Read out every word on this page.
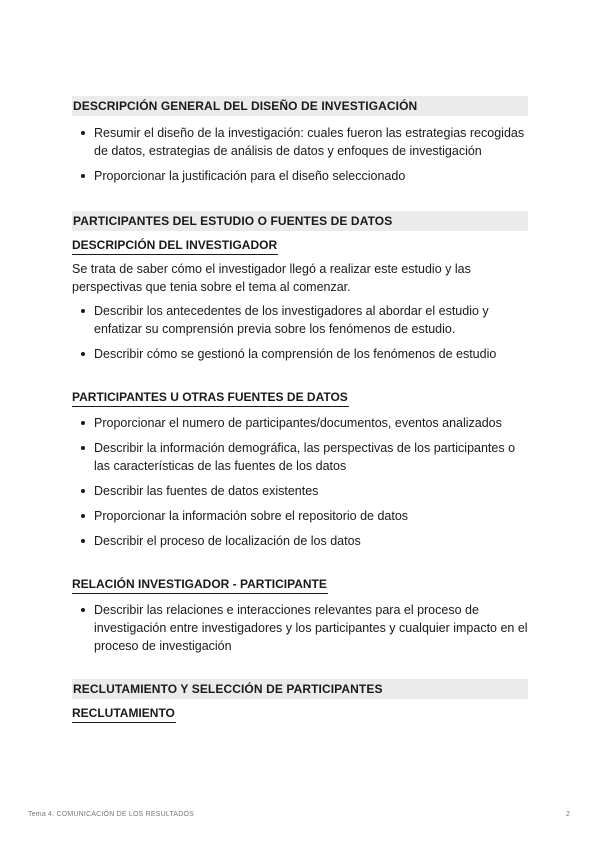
DESCRIPCIÓN GENERAL DEL DISEÑO DE INVESTIGACIÓN
Resumir el diseño de la investigación: cuales fueron las estrategias recogidas de datos, estrategias de análisis de datos y enfoques de investigación
Proporcionar la justificación para el diseño seleccionado
PARTICIPANTES DEL ESTUDIO O FUENTES DE DATOS
DESCRIPCIÓN DEL INVESTIGADOR

Se trata de saber cómo el investigador llegó a realizar este estudio y las perspectivas que tenia sobre el tema al comenzar.

Describir los antecedentes de los investigadores al abordar el estudio y enfatizar su comprensión previa sobre los fenómenos de estudio.
Describir cómo se gestionó la comprensión de los fenómenos de estudio
PARTICIPANTES U OTRAS FUENTES DE DATOS
Proporcionar el numero de participantes/documentos, eventos analizados
Describir la información demográfica, las perspectivas de los participantes o las características de las fuentes de los datos
Describir las fuentes de datos existentes
Proporcionar la información sobre el repositorio de datos
Describir el proceso de localización de los datos
RELACIÓN INVESTIGADOR - PARTICIPANTE
Describir las relaciones e interacciones relevantes para el proceso de investigación entre investigadores y los participantes y cualquier impacto en el proceso de investigación
RECLUTAMIENTO Y SELECCIÓN DE PARTICIPANTES
RECLUTAMIENTO
Tema 4: COMUNICACIÓN DE LOS RESULTADOS	2
